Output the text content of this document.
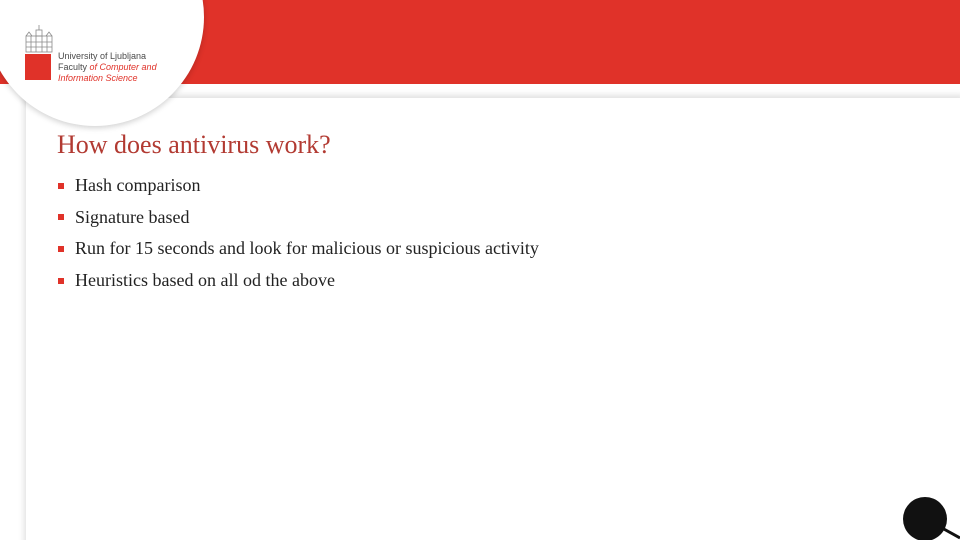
University of Ljubljana
Faculty of Computer and
Information Science
How does antivirus work?
Hash comparison
Signature based
Run for 15 seconds and look for malicious or suspicious activity
Heuristics based on all od the above
